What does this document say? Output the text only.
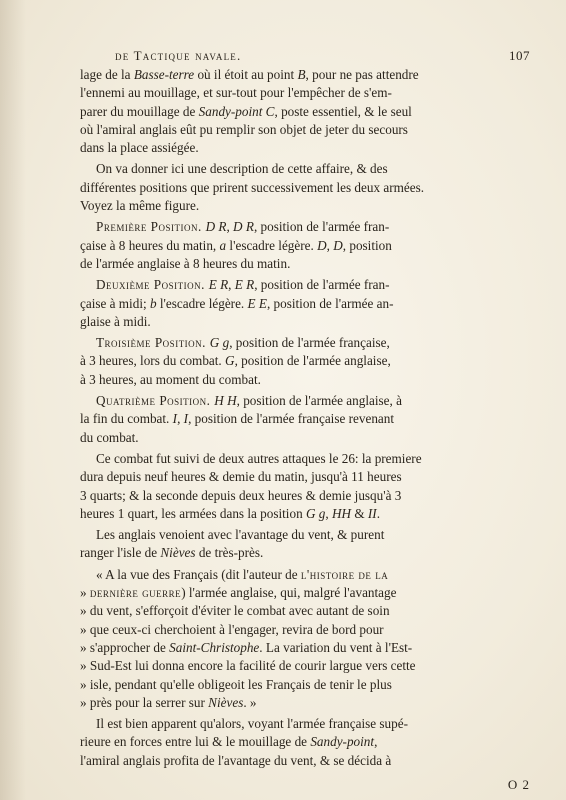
de Tactique navale.	107
lage de la Basse-terre où il étoit au point B, pour ne pas attendre
l'ennemi au mouillage, et sur-tout pour l'empêcher de s'em-
parer du mouillage de Sandy-point C, poste essentiel, & le seul
où l'amiral anglais eût pu remplir son objet de jeter du secours
dans la place assiégée.
On va donner ici une description de cette affaire, & des
différentes positions que prirent successivement les deux armées.
Voyez la même figure.
Première Position. D R, D R, position de l'armée fran-
çaise à 8 heures du matin, a l'escadre légère. D, D, position
de l'armée anglaise à 8 heures du matin.
Deuxième Position. E R, E R, position de l'armée fran-
çaise à midi; b l'escadre légère. E E, position de l'armée an-
glaise à midi.
Troisième Position. G g, position de l'armée française,
à 3 heures, lors du combat. G, position de l'armée anglaise,
à 3 heures, au moment du combat.
Quatrième Position. H H, position de l'armée anglaise, à
la fin du combat. I, I, position de l'armée française revenant
du combat.
Ce combat fut suivi de deux autres attaques le 26: la premiere
dura depuis neuf heures & demie du matin, jusqu'à 11 heures
3 quarts; & la seconde depuis deux heures & demie jusqu'à 3
heures 1 quart, les armées dans la position G g, HH & II.
Les anglais venoient avec l'avantage du vent, & purent
ranger l'isle de Nièves de très-près.
« A la vue des Français (dit l'auteur de l'histoire de la
» dernière guerre) l'armée anglaise, qui, malgré l'avantage
» du vent, s'efforçoit d'éviter le combat avec autant de soin
» que ceux-ci cherchoient à l'engager, revira de bord pour
» s'approcher de Saint-Christophe. La variation du vent à l'Est-
» Sud-Est lui donna encore la facilité de courir largue vers cette
» isle, pendant qu'elle obligeoit les Français de tenir le plus
» près pour la serrer sur Nièves. »
Il est bien apparent qu'alors, voyant l'armée française supé-
rieure en forces entre lui & le mouillage de Sandy-point,
l'amiral anglais profita de l'avantage du vent, & se décida à
O 2
